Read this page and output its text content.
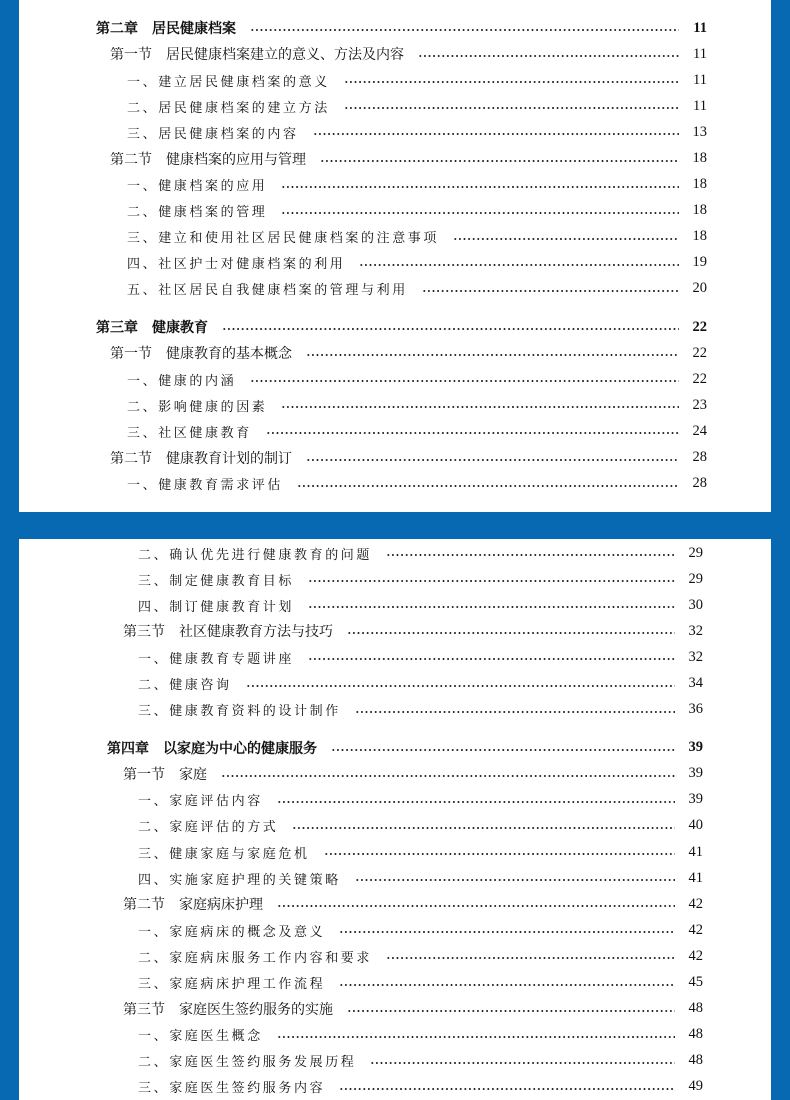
第二章　居民健康档案	11
第一节　居民健康档案建立的意义、方法及内容	11
一、建立居民健康档案的意义	11
二、居民健康档案的建立方法	11
三、居民健康档案的内容	13
第二节　健康档案的应用与管理	18
一、健康档案的应用	18
二、健康档案的管理	18
三、建立和使用社区居民健康档案的注意事项	18
四、社区护士对健康档案的利用	19
五、社区居民自我健康档案的管理与利用	20
第三章　健康教育	22
第一节　健康教育的基本概念	22
一、健康的内涵	22
二、影响健康的因素	23
三、社区健康教育	24
第二节　健康教育计划的制订	28
一、健康教育需求评估	28
二、确认优先进行健康教育的问题	29
三、制定健康教育目标	29
四、制订健康教育计划	30
第三节　社区健康教育方法与技巧	32
一、健康教育专题讲座	32
二、健康咨询	34
三、健康教育资料的设计制作	36
第四章　以家庭为中心的健康服务	39
第一节　家庭	39
一、家庭评估内容	39
二、家庭评估的方式	40
三、健康家庭与家庭危机	41
四、实施家庭护理的关键策略	41
第二节　家庭病床护理	42
一、家庭病床的概念及意义	42
二、家庭病床服务工作内容和要求	42
三、家庭病床护理工作流程	45
第三节　家庭医生签约服务的实施	48
一、家庭医生概念	48
二、家庭医生签约服务发展历程	48
三、家庭医生签约服务内容	49
